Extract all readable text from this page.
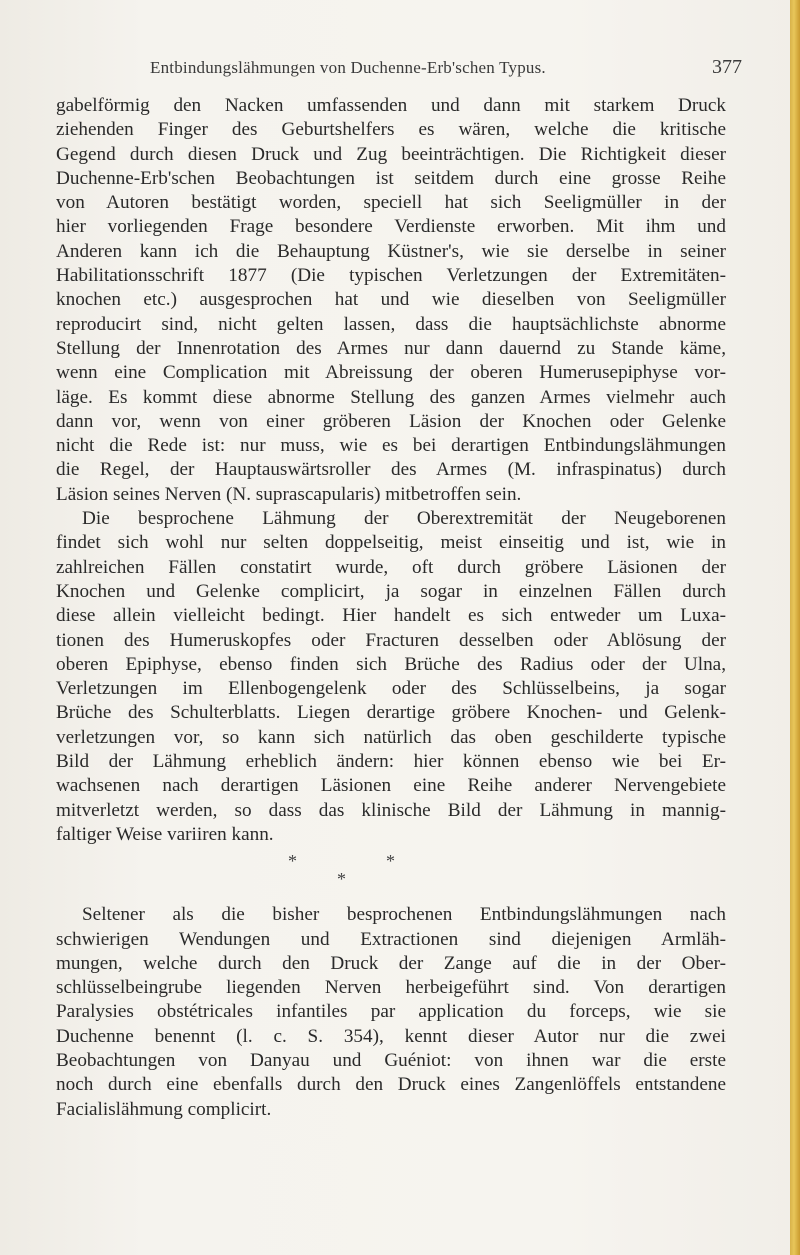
Entbindungslähmungen von Duchenne-Erb'schen Typus.	377
gabelförmig den Nacken umfassenden und dann mit starkem Druck
ziehenden Finger des Geburtshelfers es wären, welche die kritische
Gegend durch diesen Druck und Zug beeinträchtigen. Die Richtigkeit dieser
Duchenne-Erb'schen Beobachtungen ist seitdem durch eine grosse Reihe
von Autoren bestätigt worden, speciell hat sich Seeligmüller in der
hier vorliegenden Frage besondere Verdienste erworben. Mit ihm und
Anderen kann ich die Behauptung Küstner's, wie sie derselbe in seiner
Habilitationsschrift 1877 (Die typischen Verletzungen der Extremitäten-
knochen etc.) ausgesprochen hat und wie dieselben von Seeligmüller
reproducirt sind, nicht gelten lassen, dass die hauptsächlichste abnorme
Stellung der Innenrotation des Armes nur dann dauernd zu Stande käme,
wenn eine Complication mit Abreissung der oberen Humerusepiphyse vor-
läge. Es kommt diese abnorme Stellung des ganzen Armes vielmehr auch
dann vor, wenn von einer gröberen Läsion der Knochen oder Gelenke
nicht die Rede ist: nur muss, wie es bei derartigen Entbindungslähmungen
die Regel, der Hauptauswärtsroller des Armes (M. infraspinatus) durch
Läsion seines Nerven (N. suprascapularis) mitbetroffen sein.
Die besprochene Lähmung der Oberextremität der Neugeborenen
findet sich wohl nur selten doppelseitig, meist einseitig und ist, wie in
zahlreichen Fällen constatirt wurde, oft durch gröbere Läsionen der
Knochen und Gelenke complicirt, ja sogar in einzelnen Fällen durch
diese allein vielleicht bedingt. Hier handelt es sich entweder um Luxa-
tionen des Humeruskopfes oder Fracturen desselben oder Ablösung der
oberen Epiphyse, ebenso finden sich Brüche des Radius oder der Ulna,
Verletzungen im Ellenbogengelenk oder des Schlüsselbeins, ja sogar
Brüche des Schulterblatts. Liegen derartige gröbere Knochen- und Gelenk-
verletzungen vor, so kann sich natürlich das oben geschilderte typische
Bild der Lähmung erheblich ändern: hier können ebenso wie bei Er-
wachsenen nach derartigen Läsionen eine Reihe anderer Nervengebiete
mitverletzt werden, so dass das klinische Bild der Lähmung in mannig-
faltiger Weise variiren kann.
*	*
*
Seltener als die bisher besprochenen Entbindungslähmungen nach
schwierigen Wendungen und Extractionen sind diejenigen Armläh-
mungen, welche durch den Druck der Zange auf die in der Ober-
schlüsselbeingrube liegenden Nerven herbeigeführt sind. Von derartigen
Paralysies obstétricales infantiles par application du forceps, wie sie
Duchenne benennt (l. c. S. 354), kennt dieser Autor nur die zwei
Beobachtungen von Danyau und Guéniot: von ihnen war die erste
noch durch eine ebenfalls durch den Druck eines Zangenlöffels entstandene
Facialislähmung complicirt.
